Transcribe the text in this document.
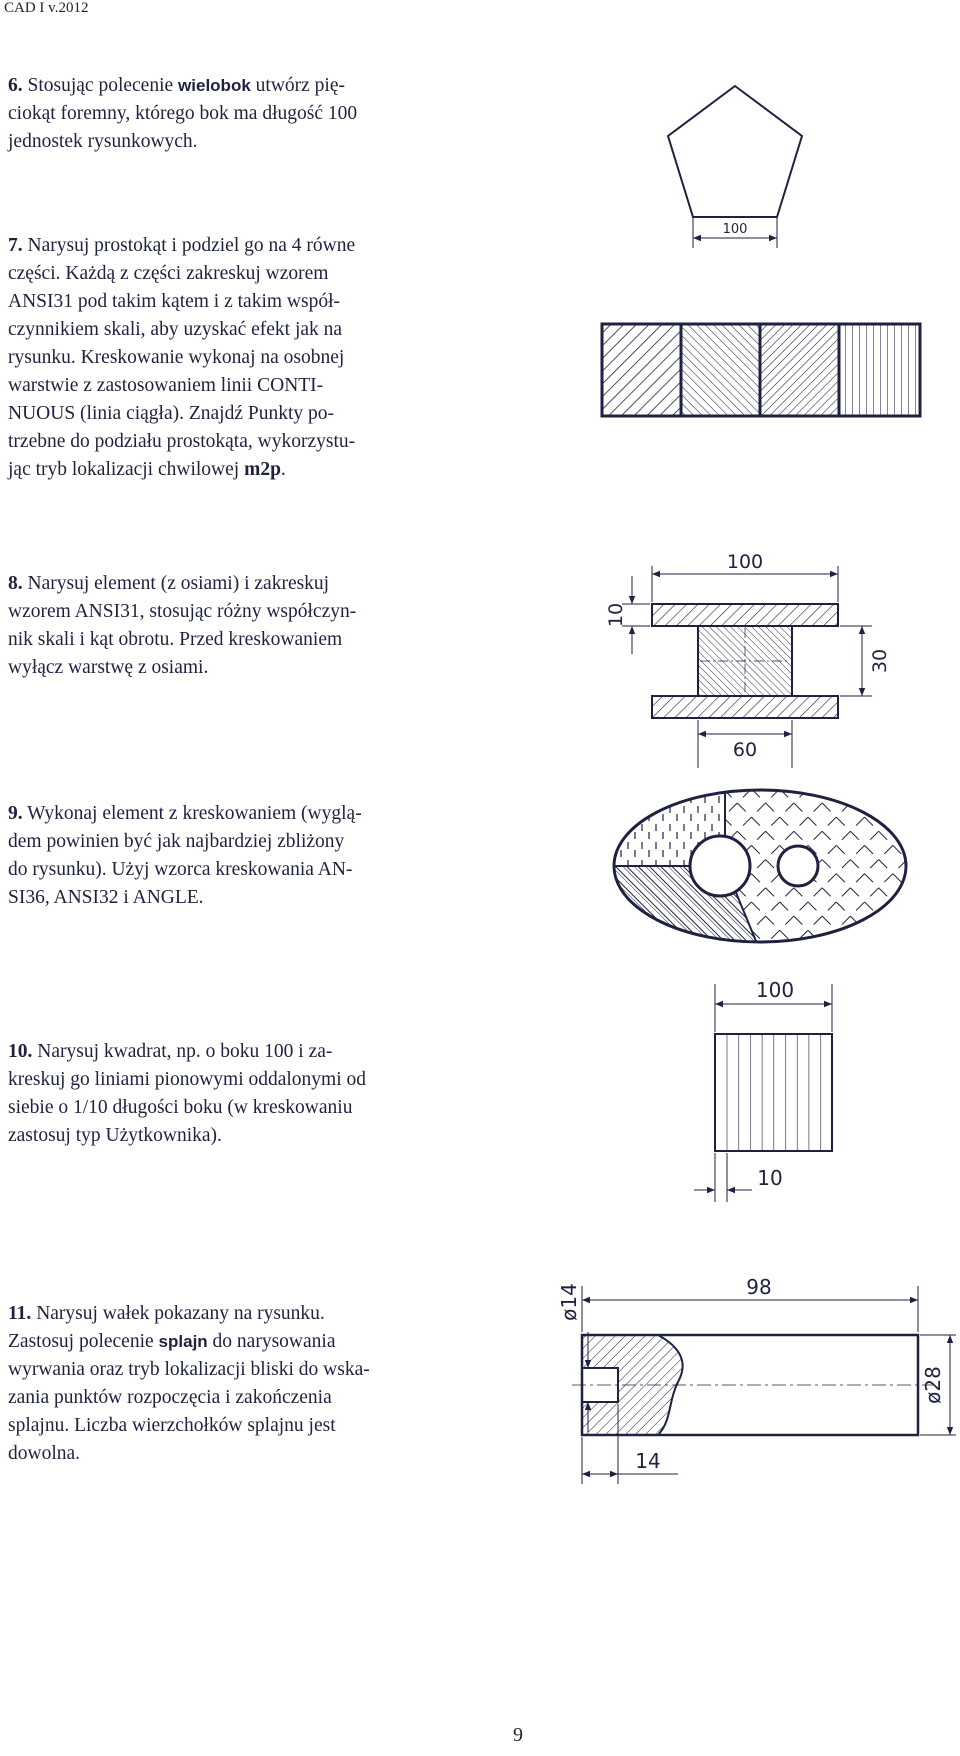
CAD I v.2012
6. Stosując polecenie wielobok utwórz pię-
ciokąt foremny, którego bok ma długość 100
jednostek rysunkowych.
7. Narysuj prostokąt i podziel go na 4 równe
części. Każdą z części zakreskuj wzorem
ANSI31 pod takim kątem i z takim współ-
czynnikiem skali, aby uzyskać efekt jak na
rysunku. Kreskowanie wykonaj na osobnej
warstwie z zastosowaniem linii CONTI-
NUOUS (linia ciągła). Znajdź Punkty po-
trzebne do podziału prostokąta, wykorzystu-
jąc tryb lokalizacji chwilowej m2p.
8. Narysuj element (z osiami) i zakreskuj
wzorem ANSI31, stosując różny współczyn-
nik skali i kąt obrotu. Przed kreskowaniem
wyłącz warstwę z osiami.
9. Wykonaj element z kreskowaniem (wyglą-
dem powinien być jak najbardziej zbliżony
do rysunku). Użyj wzorca kreskowania AN-
SI36, ANSI32 i ANGLE.
10. Narysuj kwadrat, np. o boku 100 i za-
kreskuj go liniami pionowymi oddalonymi od
siebie o 1/10 długości boku (w kreskowaniu
zastosuj typ Użytkownika).
11. Narysuj wałek pokazany na rysunku.
Zastosuj polecenie splajn do narysowania
wyrwania oraz tryb lokalizacji bliski do wska-
zania punktów rozpoczęcia i zakończenia
splajnu. Liczba wierzchołków splajnu jest
dowolna.
100
100
10
30
60
100
10
98
ø14
ø28
14
9
